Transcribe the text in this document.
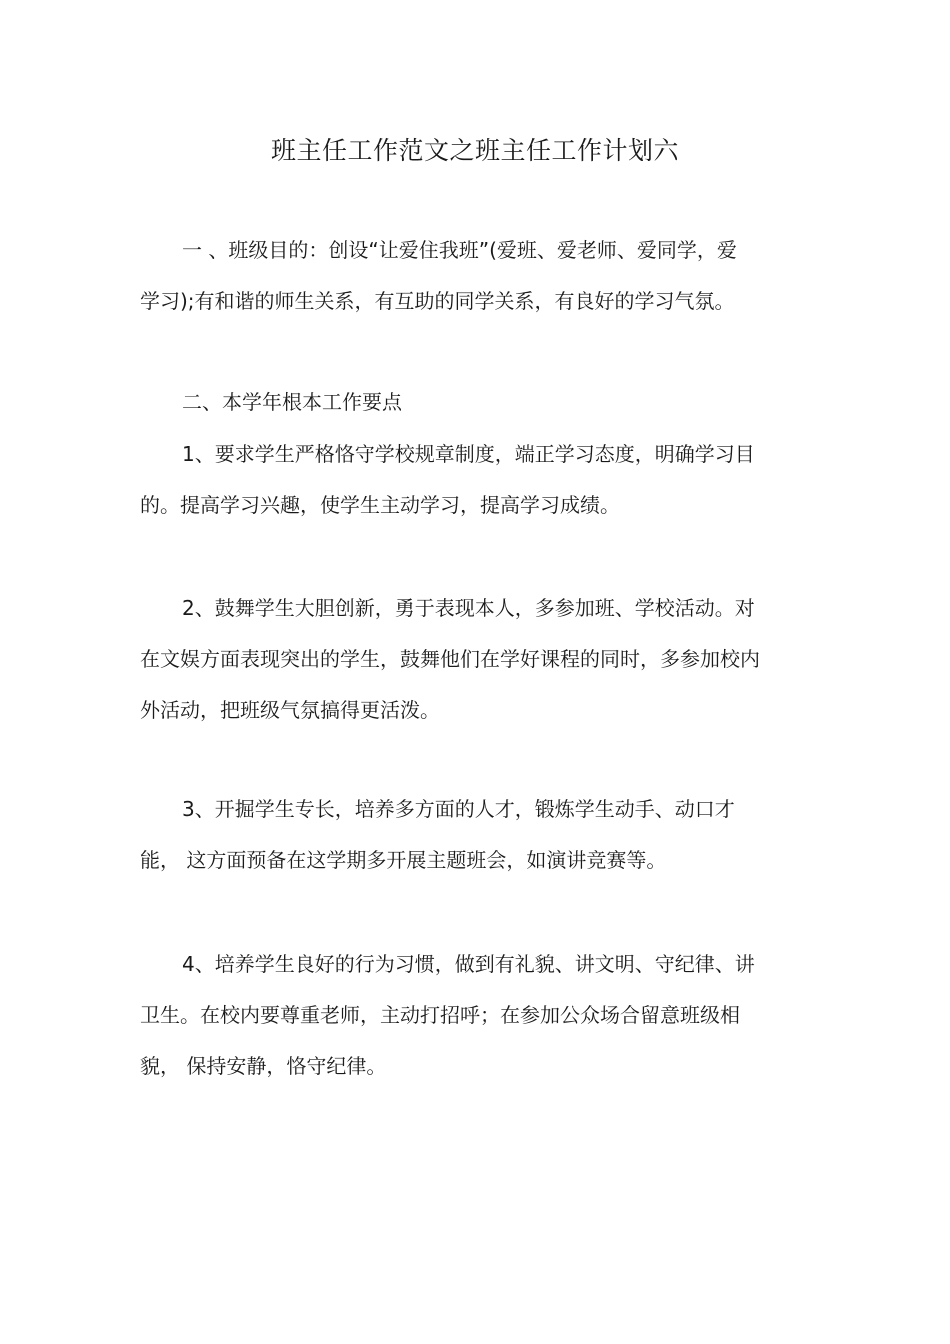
班主任工作范文之班主任工作计划六
一 、班级目的：创设“让爱住我班”(爱班、爱老师、爱同学，爱
学习);有和谐的师生关系，有互助的同学关系，有良好的学习气氛。
二、本学年根本工作要点
1、要求学生严格恪守学校规章制度，端正学习态度，明确学习目
的。提高学习兴趣，使学生主动学习，提高学习成绩。
2、鼓舞学生大胆创新，勇于表现本人，多参加班、学校活动。对
在文娱方面表现突出的学生，鼓舞他们在学好课程的同时，多参加校内
外活动，把班级气氛搞得更活泼。
3、开掘学生专长，培养多方面的人才，锻炼学生动手、动口才
能， 这方面预备在这学期多开展主题班会，如演讲竞赛等。
4、培养学生良好的行为习惯，做到有礼貌、讲文明、守纪律、讲
卫生。在校内要尊重老师，主动打招呼；在参加公众场合留意班级相
貌， 保持安静，恪守纪律。
